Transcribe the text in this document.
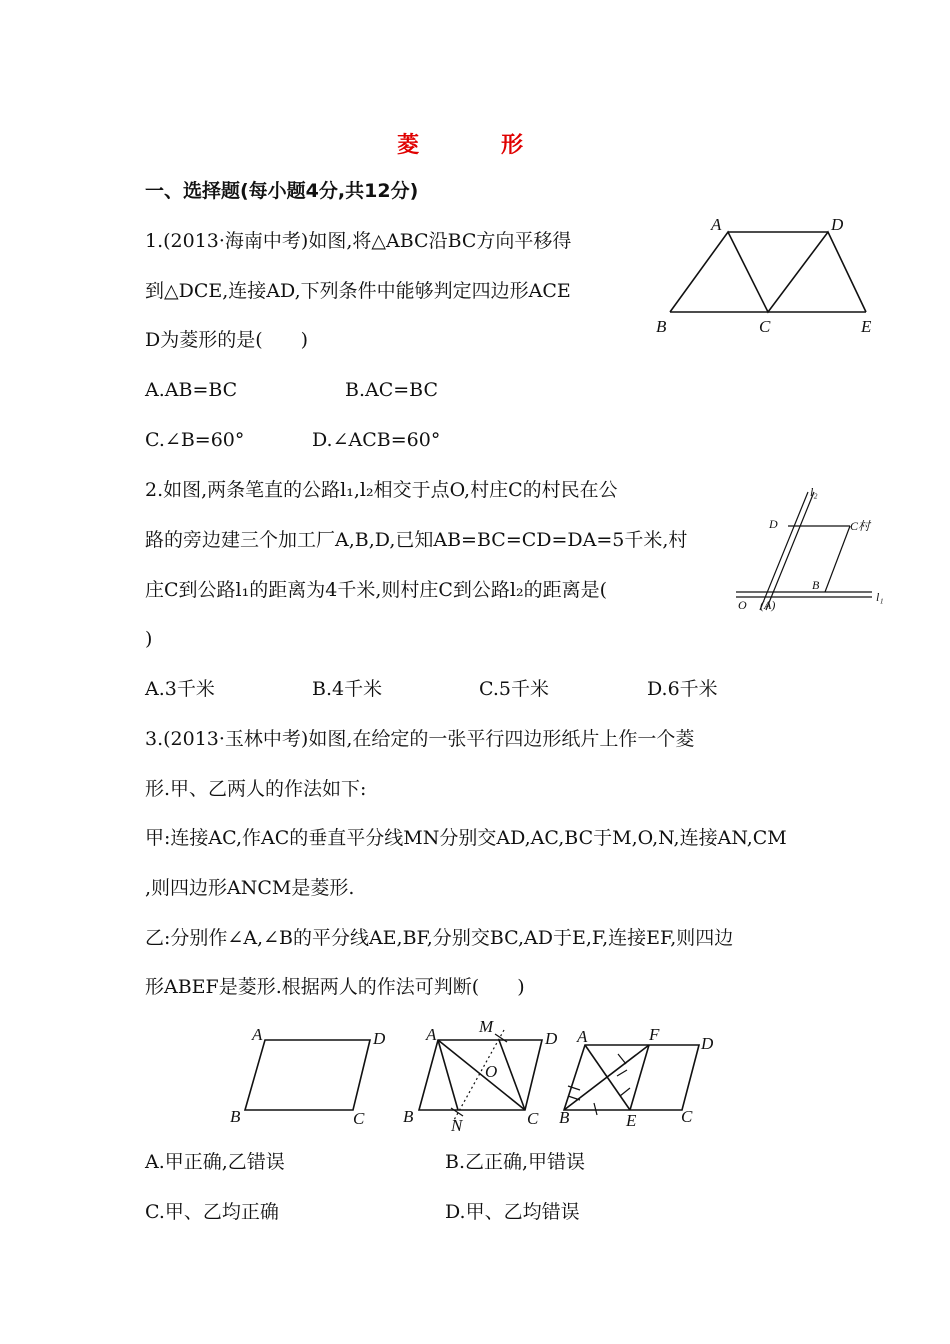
菱　形
一、选择题(每小题4分,共12分)
1.(2013·海南中考)如图,将△ABC沿BC方向平移得
到△DCE,连接AD,下列条件中能够判定四边形ACE
D为菱形的是(　　)
A.AB=BC	B.AC=BC
C.∠B=60°	D.∠ACB=60°
A	D
B	C	E
2.如图,两条笔直的公路l₁,l₂相交于点O,村庄C的村民在公
路的旁边建三个加工厂A,B,D,已知AB=BC=CD=DA=5千米,村
庄C到公路l₁的距离为4千米,则村庄C到公路l₂的距离是(
)
A.3千米	B.4千米	C.5千米	D.6千米
l₂
D	C村
B
O (A)
l₁
3.(2013·玉林中考)如图,在给定的一张平行四边形纸片上作一个菱
形.甲、乙两人的作法如下:
甲:连接AC,作AC的垂直平分线MN分别交AD,AC,BC于M,O,N,连接AN,CM
,则四边形ANCM是菱形.
乙:分别作∠A,∠B的平分线AE,BF,分别交BC,AD于E,F,连接EF,则四边
形ABEF是菱形.根据两人的作法可判断(　　)
A	D
B	C
A	M
D
O
B N	C
A	F D
B	E	C
A.甲正确,乙错误	B.乙正确,甲错误
C.甲、乙均正确	D.甲、乙均错误
